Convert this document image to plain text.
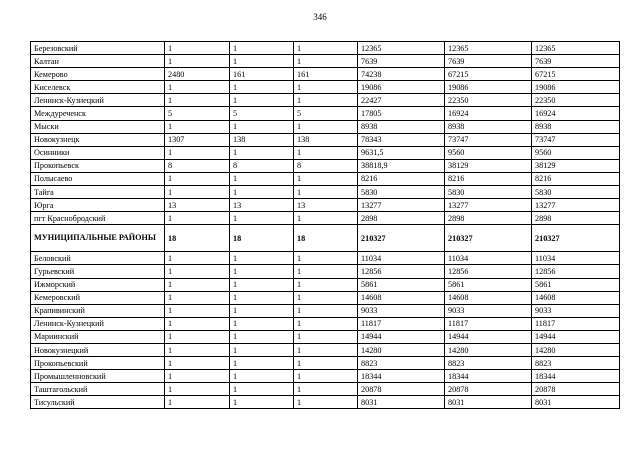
346
Березовский	1	1	1	12365	12365	12365
Калтан	1	1	1	7639	7639	7639
Кемерово	2480	161	161	74238	67215	67215
Киселевск	1	1	1	19086	19086	19086
Ленинск-Кузнецкий	1	1	1	22427	22350	22350
Междуреченск	5	5	5	17805	16924	16924
Мыски	1	1	1	8938	8938	8938
Новокузнецк	1307	138	138	78343	73747	73747
Осинники	1	1	1	9631,5	9560	9560
Прокопьевск	8	8	8	38818,9	38129	38129
Полысаево	1	1	1	8216	8216	8216
Тайга	1	1	1	5830	5830	5830
Юрга	13	13	13	13277	13277	13277
пгт Краснобродский	1	1	1	2898	2898	2898
МУНИЦИПАЛЬНЫЕ РАЙОНЫ	18	18	18	210327	210327	210327
Беловский	1	1	1	11034	11034	11034
Гурьевский	1	1	1	12856	12856	12856
Ижморский	1	1	1	5861	5861	5861
Кемеровский	1	1	1	14608	14608	14608
Крапивинский	1	1	1	9033	9033	9033
Ленинск-Кузнецкий	1	1	1	11817	11817	11817
Мариинский	1	1	1	14944	14944	14944
Новокузнецкий	1	1	1	14280	14280	14280
Прокопьевский	1	1	1	8823	8823	8823
Промышленновский	1	1	1	18344	18344	18344
Таштагольский	1	1	1	20878	20878	20878
Тисульский	1	1	1	8031	8031	8031
